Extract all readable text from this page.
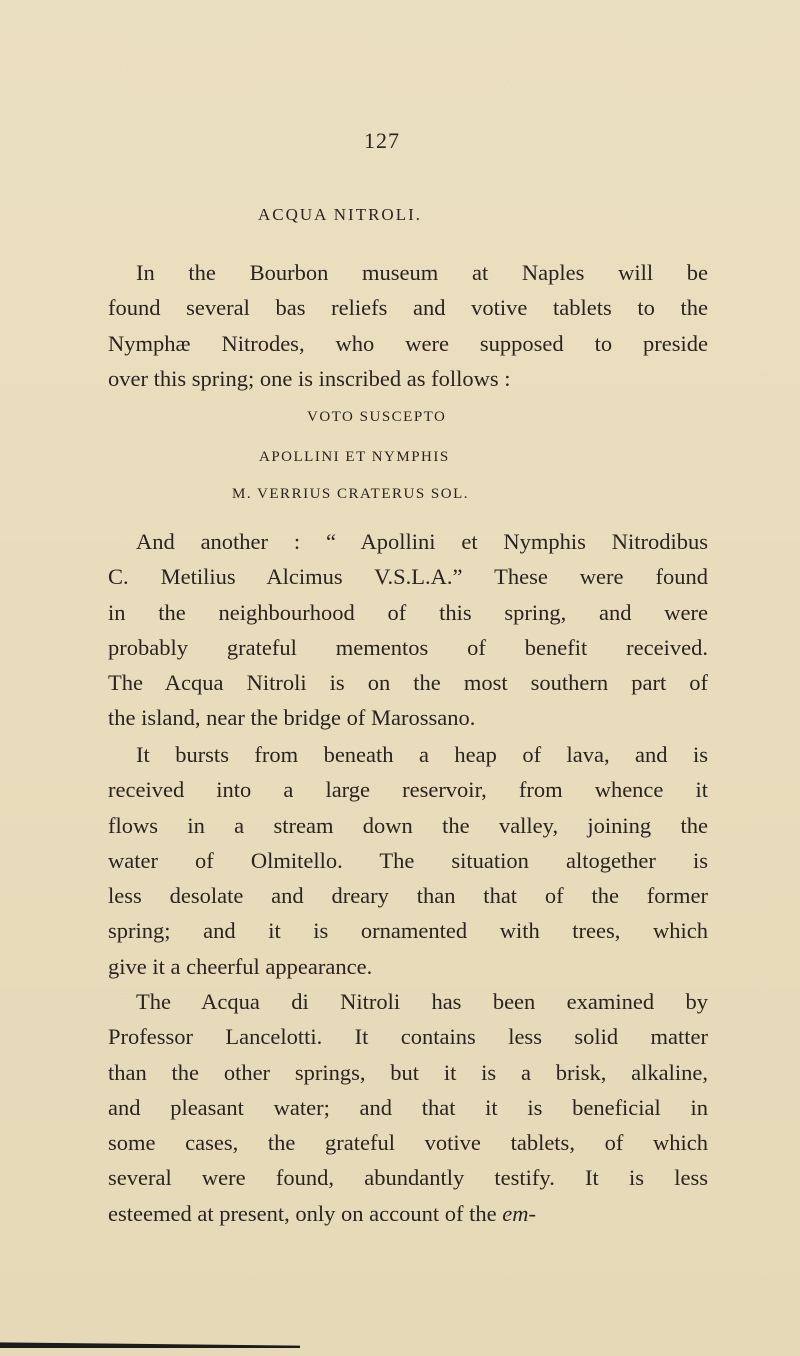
127
ACQUA NITROLI.
In the Bourbon museum at Naples will be
found several bas reliefs and votive tablets to the
Nymphæ Nitrodes, who were supposed to preside
over this spring; one is inscribed as follows :
VOTO SUSCEPTO
APOLLINI ET NYMPHIS
M. VERRIUS CRATERUS SOL.
And another : “ Apollini et Nymphis Nitrodibus
C. Metilius Alcimus V.S.L.A.” These were found
in the neighbourhood of this spring, and were
probably grateful mementos of benefit received.
The Acqua Nitroli is on the most southern part of
the island, near the bridge of Marossano.
It bursts from beneath a heap of lava, and is
received into a large reservoir, from whence it
flows in a stream down the valley, joining the
water of Olmitello. The situation altogether is
less desolate and dreary than that of the former
spring; and it is ornamented with trees, which
give it a cheerful appearance.
The Acqua di Nitroli has been examined by
Professor Lancelotti. It contains less solid matter
than the other springs, but it is a brisk, alkaline,
and pleasant water; and that it is beneficial in
some cases, the grateful votive tablets, of which
several were found, abundantly testify. It is less
esteemed at present, only on account of the em-
